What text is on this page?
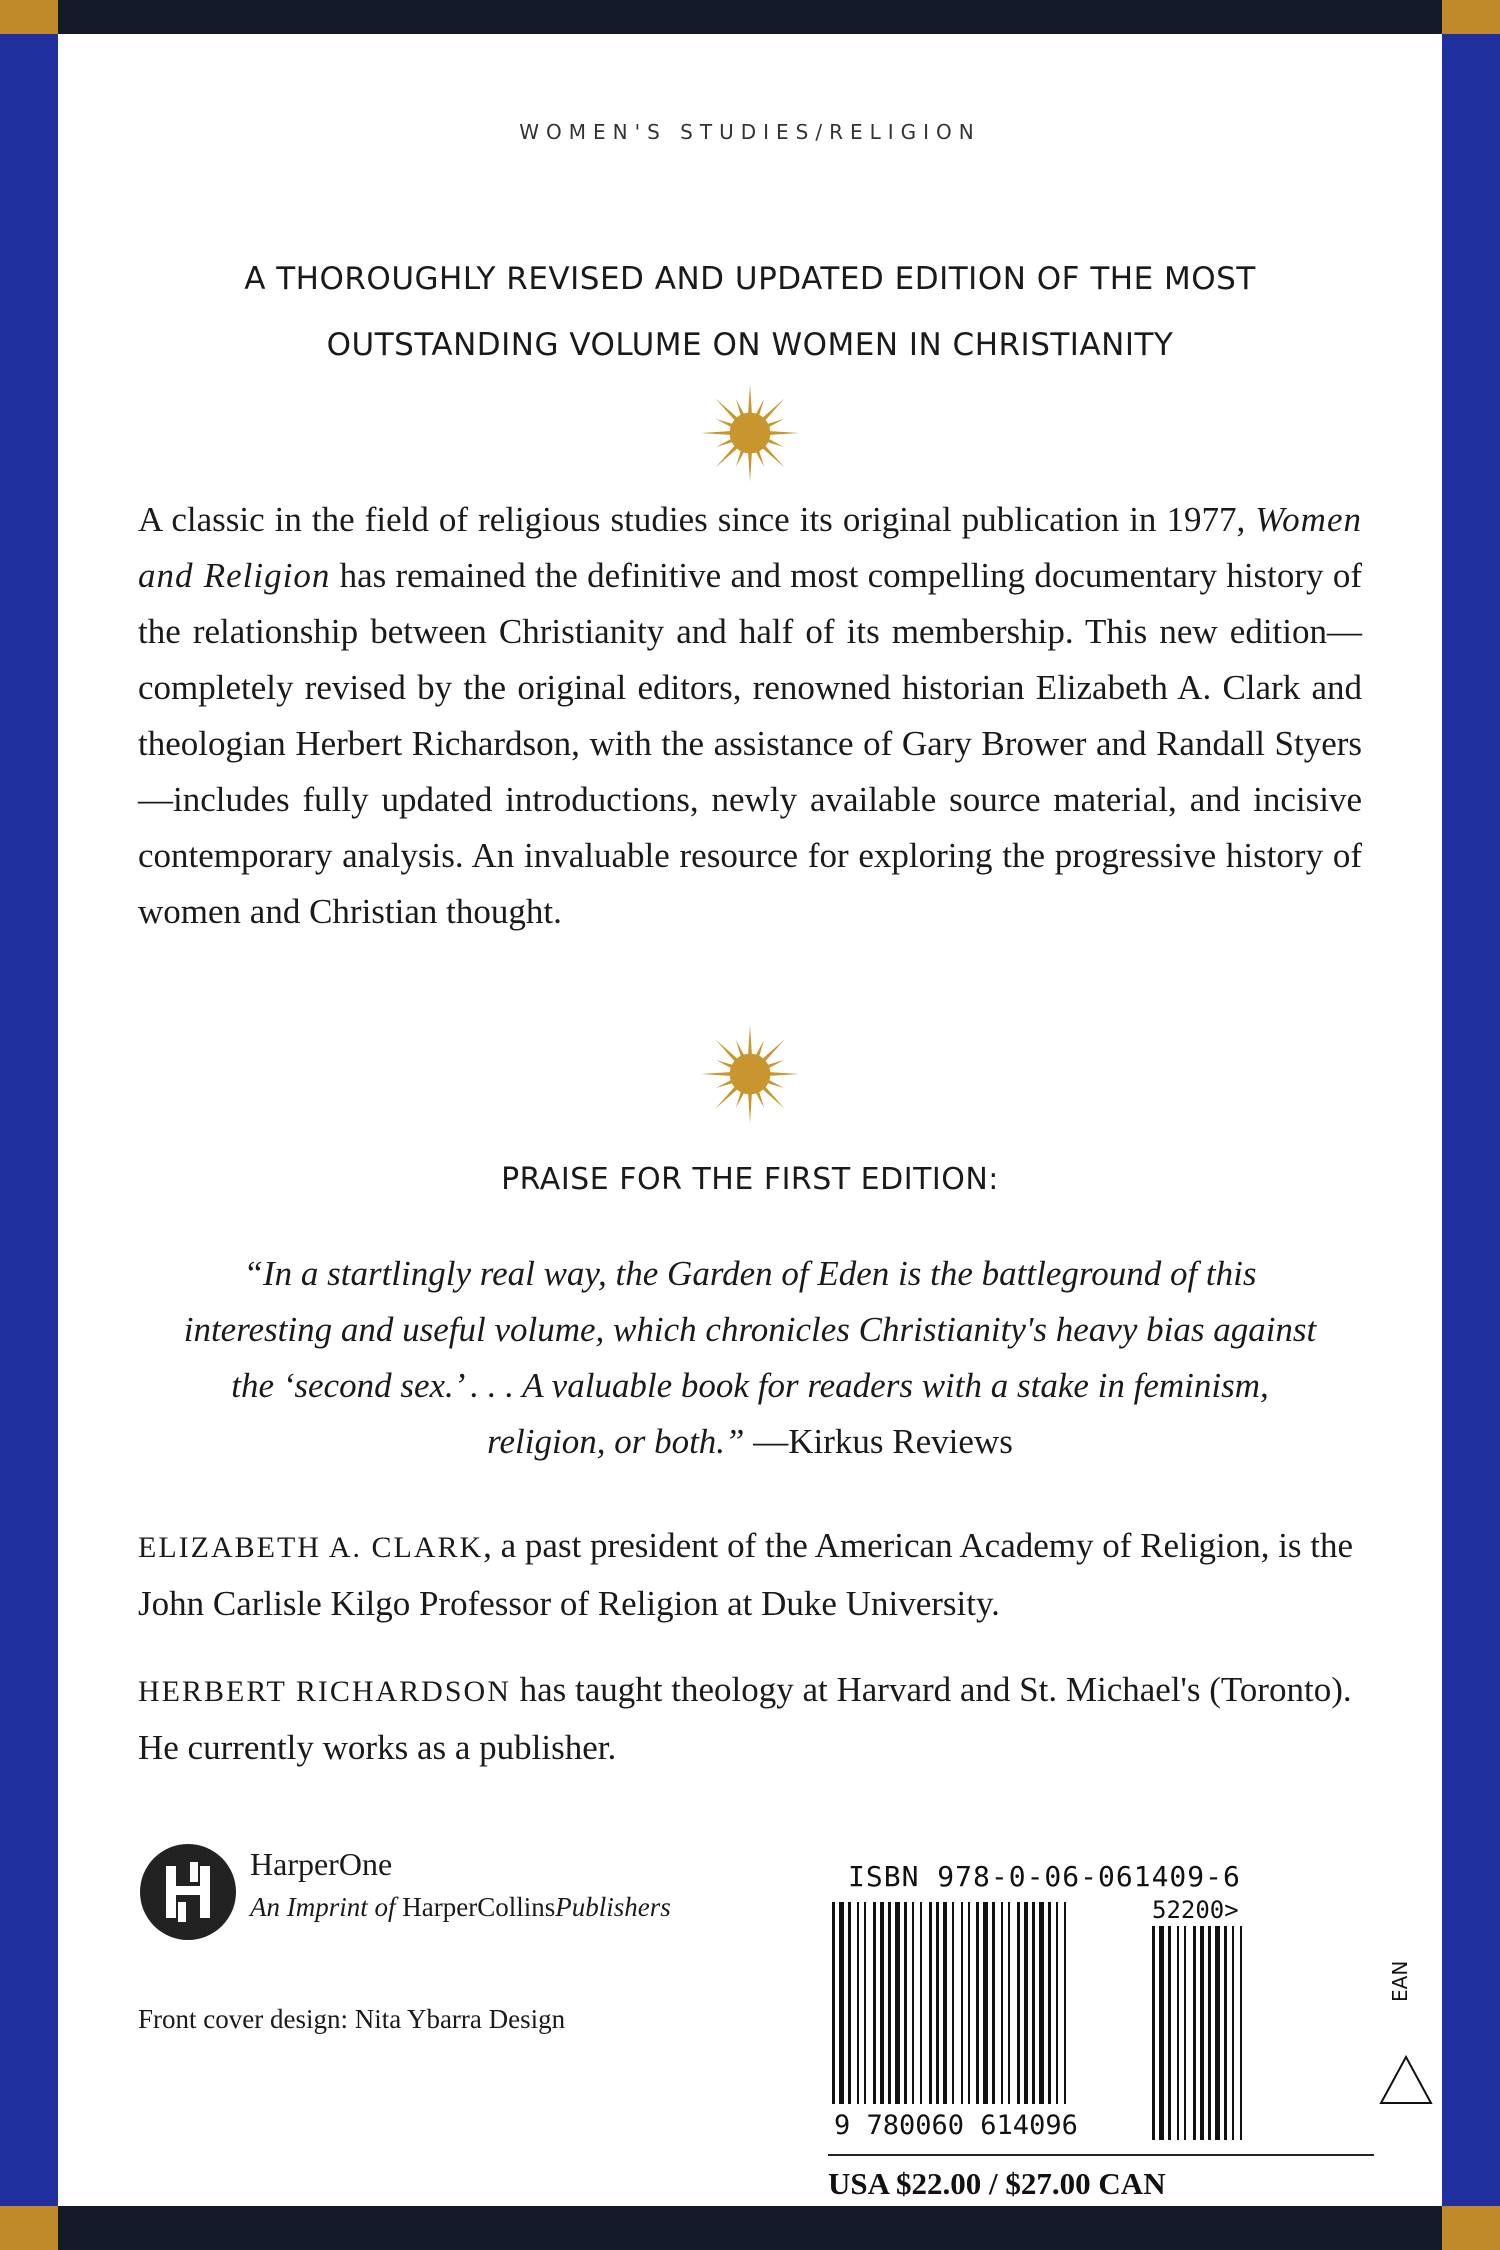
WOMEN'S STUDIES/RELIGION
A THOROUGHLY REVISED AND UPDATED EDITION OF THE MOST
OUTSTANDING VOLUME ON WOMEN IN CHRISTIANITY
A classic in the field of religious studies since its original publication in 1977, Women and Religion has remained the definitive and most compelling documentary history of the relationship between Christianity and half of its membership. This new edition—completely revised by the original editors, renowned historian Elizabeth A. Clark and theologian Herbert Richardson, with the assistance of Gary Brower and Randall Styers—includes fully updated introductions, newly available source material, and incisive contemporary analysis. An invaluable resource for exploring the progressive history of women and Christian thought.
PRAISE FOR THE FIRST EDITION:
“In a startlingly real way, the Garden of Eden is the battleground of this interesting and useful volume, which chronicles Christianity's heavy bias against the ‘second sex.’ . . . A valuable book for readers with a stake in feminism, religion, or both.” —Kirkus Reviews
ELIZABETH A. CLARK, a past president of the American Academy of Religion, is the John Carlisle Kilgo Professor of Religion at Duke University.
HERBERT RICHARDSON has taught theology at Harvard and St. Michael's (Toronto). He currently works as a publisher.
HarperOne
An Imprint of HarperCollinsPublishers
Front cover design: Nita Ybarra Design
ISBN 978-0-06-061409-6
9 780060 614096
52200>
EAN
USA $22.00 / $27.00 CAN
